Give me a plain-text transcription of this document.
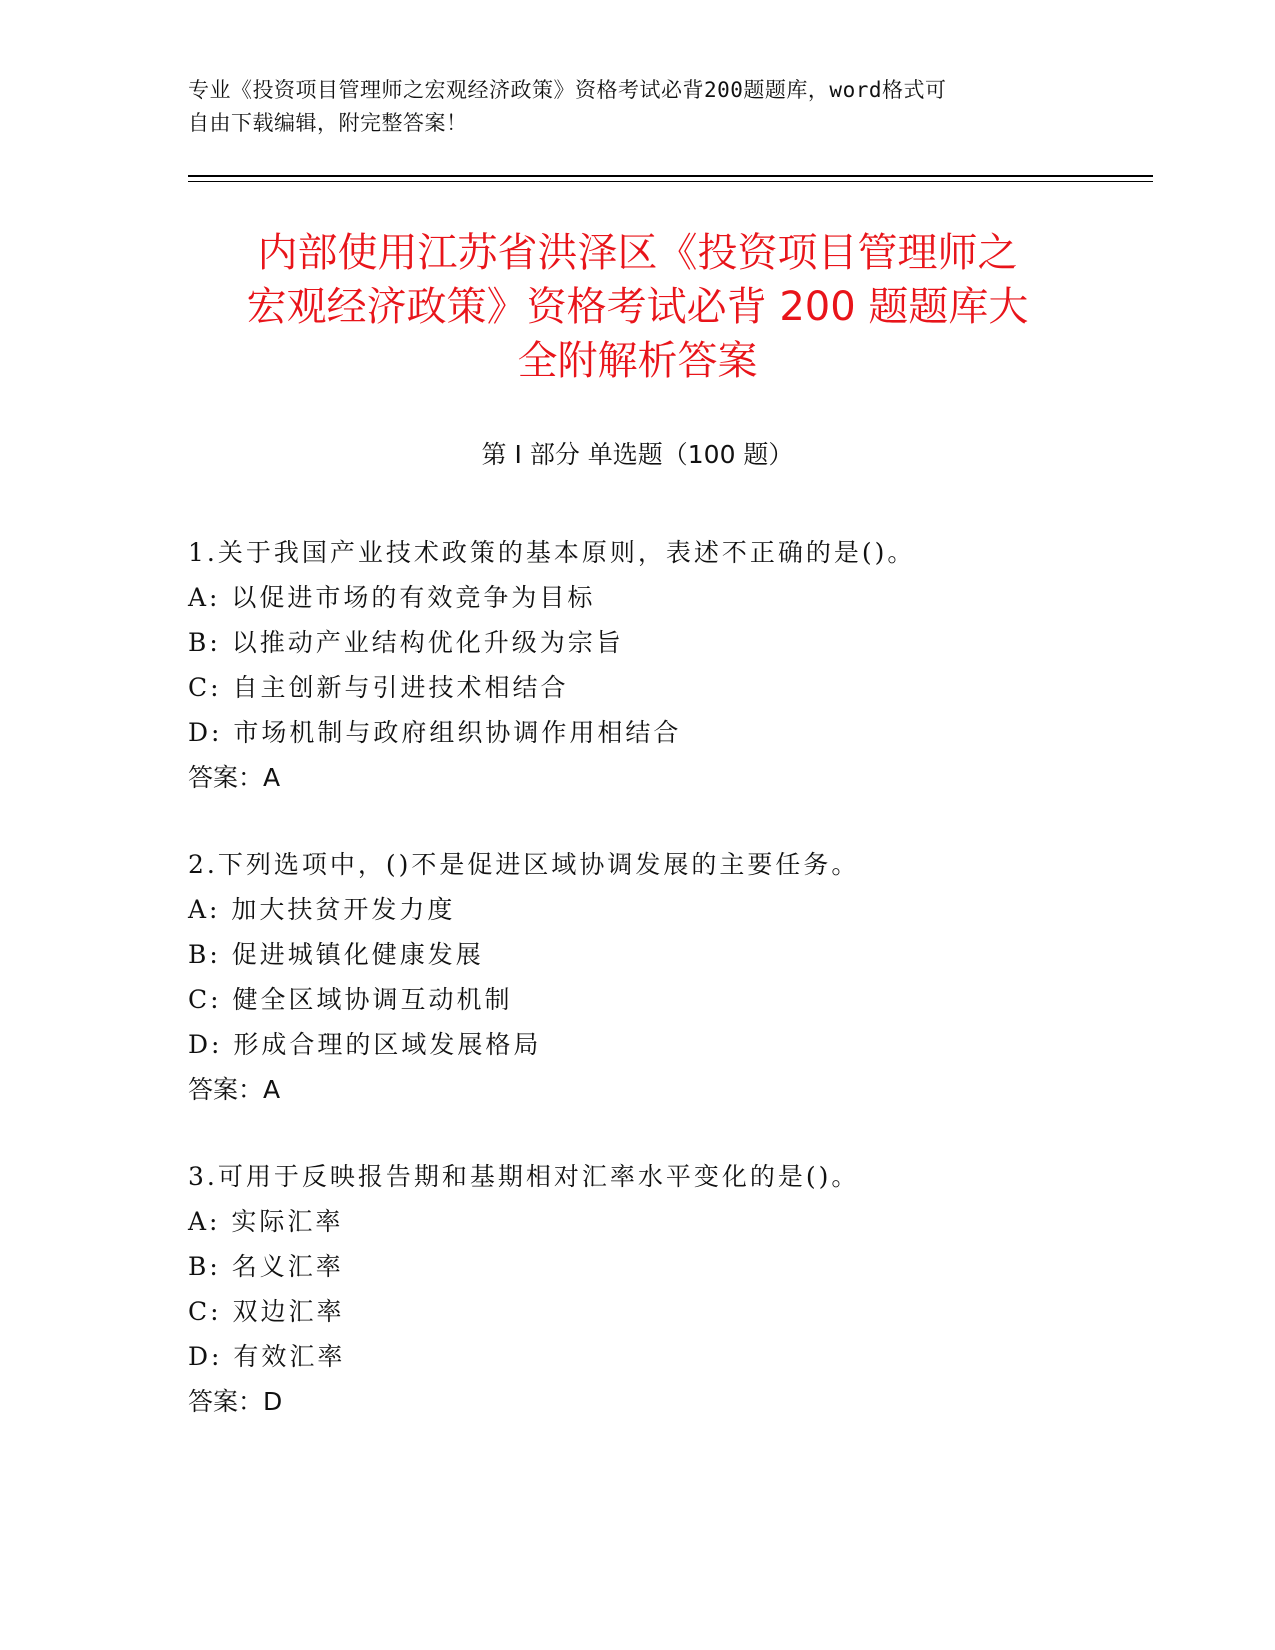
专业《投资项目管理师之宏观经济政策》资格考试必背200题题库，word格式可
自由下载编辑，附完整答案！
内部使用江苏省洪泽区《投资项目管理师之
宏观经济政策》资格考试必背 200 题题库大
全附解析答案
第 I 部分 单选题（100 题）
1.关于我国产业技术政策的基本原则，表述不正确的是()。
A: 以促进市场的有效竞争为目标
B: 以推动产业结构优化升级为宗旨
C: 自主创新与引进技术相结合
D: 市场机制与政府组织协调作用相结合
答案：A
2.下列选项中，()不是促进区域协调发展的主要任务。
A: 加大扶贫开发力度
B: 促进城镇化健康发展
C: 健全区域协调互动机制
D: 形成合理的区域发展格局
答案：A
3.可用于反映报告期和基期相对汇率水平变化的是()。
A: 实际汇率
B: 名义汇率
C: 双边汇率
D: 有效汇率
答案：D
